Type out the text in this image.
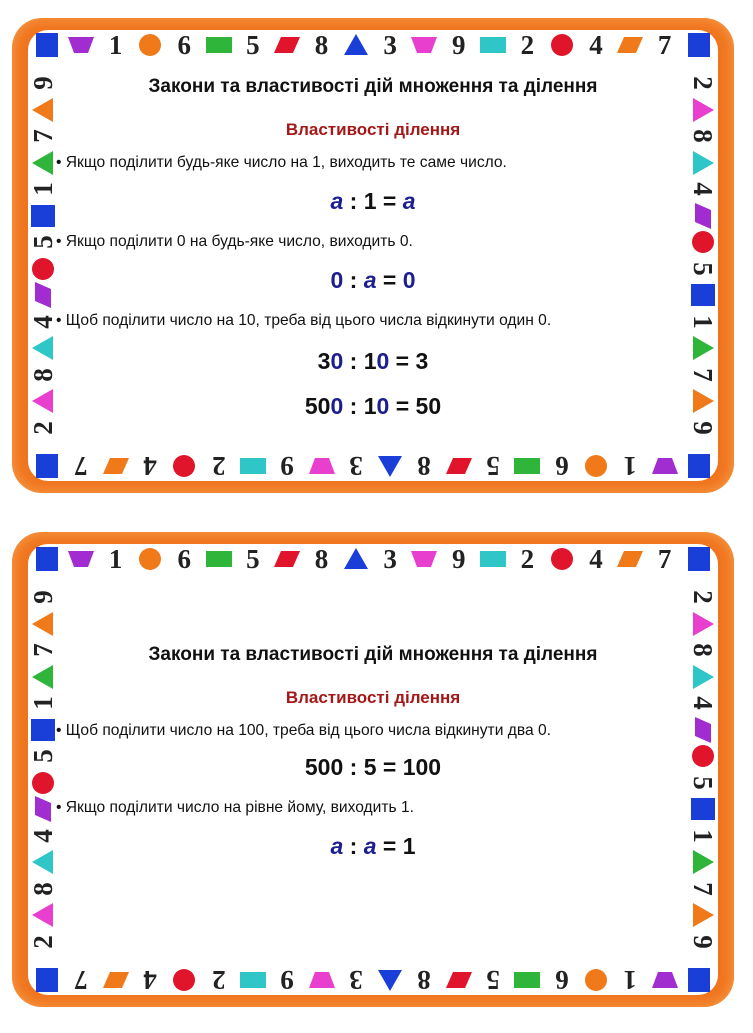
Закони та властивості дій множення та ділення
Властивості ділення
• Якщо поділити будь-яке число на 1, виходить те саме число.
a : 1 = a
• Якщо поділити 0 на будь-яке число, виходить 0.
0 : a = 0
• Щоб поділити число на 10, треба від цього числа відкинути один 0.
30 : 10 = 3
500 : 10 = 50
1 6 5 8 3 9 2 4 7
7 4 2 9 3 8 5 6 1
9
7
1
5
4
8
2
2
8
4
5
1
7
9
Закони та властивості дій множення та ділення
Властивості ділення
• Щоб поділити число на 100, треба від цього числа відкинути два 0.
500 : 5 = 100
• Якщо поділити число на рівне йому, виходить 1.
a : a = 1
1 6 5 8 3 9 2 4 7
7 4 2 9 3 8 5 6 1
9
7
1
5
4
8
2
2
8
4
5
1
7
9
